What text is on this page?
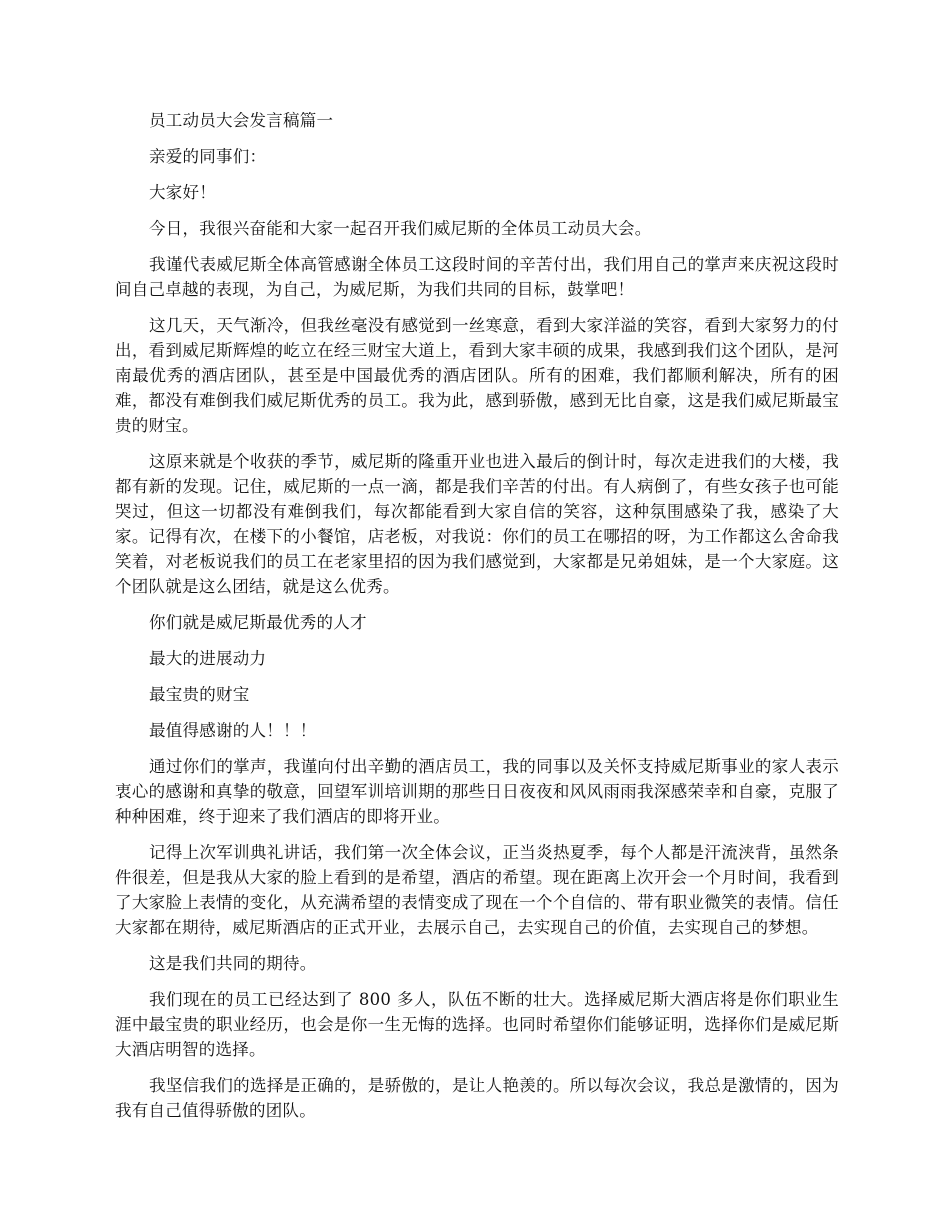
员工动员大会发言稿篇一

亲爱的同事们：

大家好！

今日，我很兴奋能和大家一起召开我们威尼斯的全体员工动员大会。

我谨代表威尼斯全体高管感谢全体员工这段时间的辛苦付出，我们用自己的掌声来庆祝这段时间自己卓越的表现，为自己，为威尼斯，为我们共同的目标，鼓掌吧！

这几天，天气渐冷，但我丝毫没有感觉到一丝寒意，看到大家洋溢的笑容，看到大家努力的付出，看到威尼斯辉煌的屹立在经三财宝大道上，看到大家丰硕的成果，我感到我们这个团队，是河南最优秀的酒店团队，甚至是中国最优秀的酒店团队。所有的困难，我们都顺利解决，所有的困难，都没有难倒我们威尼斯优秀的员工。我为此，感到骄傲，感到无比自豪，这是我们威尼斯最宝贵的财宝。

这原来就是个收获的季节，威尼斯的隆重开业也进入最后的倒计时，每次走进我们的大楼，我都有新的发现。记住，威尼斯的一点一滴，都是我们辛苦的付出。有人病倒了，有些女孩子也可能哭过，但这一切都没有难倒我们，每次都能看到大家自信的笑容，这种氛围感染了我，感染了大家。记得有次，在楼下的小餐馆，店老板，对我说：你们的员工在哪招的呀，为工作都这么舍命我笑着，对老板说我们的员工在老家里招的因为我们感觉到，大家都是兄弟姐妹，是一个大家庭。这个团队就是这么团结，就是这么优秀。

你们就是威尼斯最优秀的人才

最大的进展动力

最宝贵的财宝

最值得感谢的人！！！

通过你们的掌声，我谨向付出辛勤的酒店员工，我的同事以及关怀支持威尼斯事业的家人表示衷心的感谢和真挚的敬意，回望军训培训期的那些日日夜夜和风风雨雨我深感荣幸和自豪，克服了种种困难，终于迎来了我们酒店的即将开业。

记得上次军训典礼讲话，我们第一次全体会议，正当炎热夏季，每个人都是汗流浃背，虽然条件很差，但是我从大家的脸上看到的是希望，酒店的希望。现在距离上次开会一个月时间，我看到了大家脸上表情的变化，从充满希望的表情变成了现在一个个自信的、带有职业微笑的表情。信任大家都在期待，威尼斯酒店的正式开业，去展示自己，去实现自己的价值，去实现自己的梦想。

这是我们共同的期待。

我们现在的员工已经达到了 800 多人，队伍不断的壮大。选择威尼斯大酒店将是你们职业生涯中最宝贵的职业经历，也会是你一生无悔的选择。也同时希望你们能够证明，选择你们是威尼斯大酒店明智的选择。

我坚信我们的选择是正确的，是骄傲的，是让人艳羡的。所以每次会议，我总是激情的，因为我有自己值得骄傲的团队。
